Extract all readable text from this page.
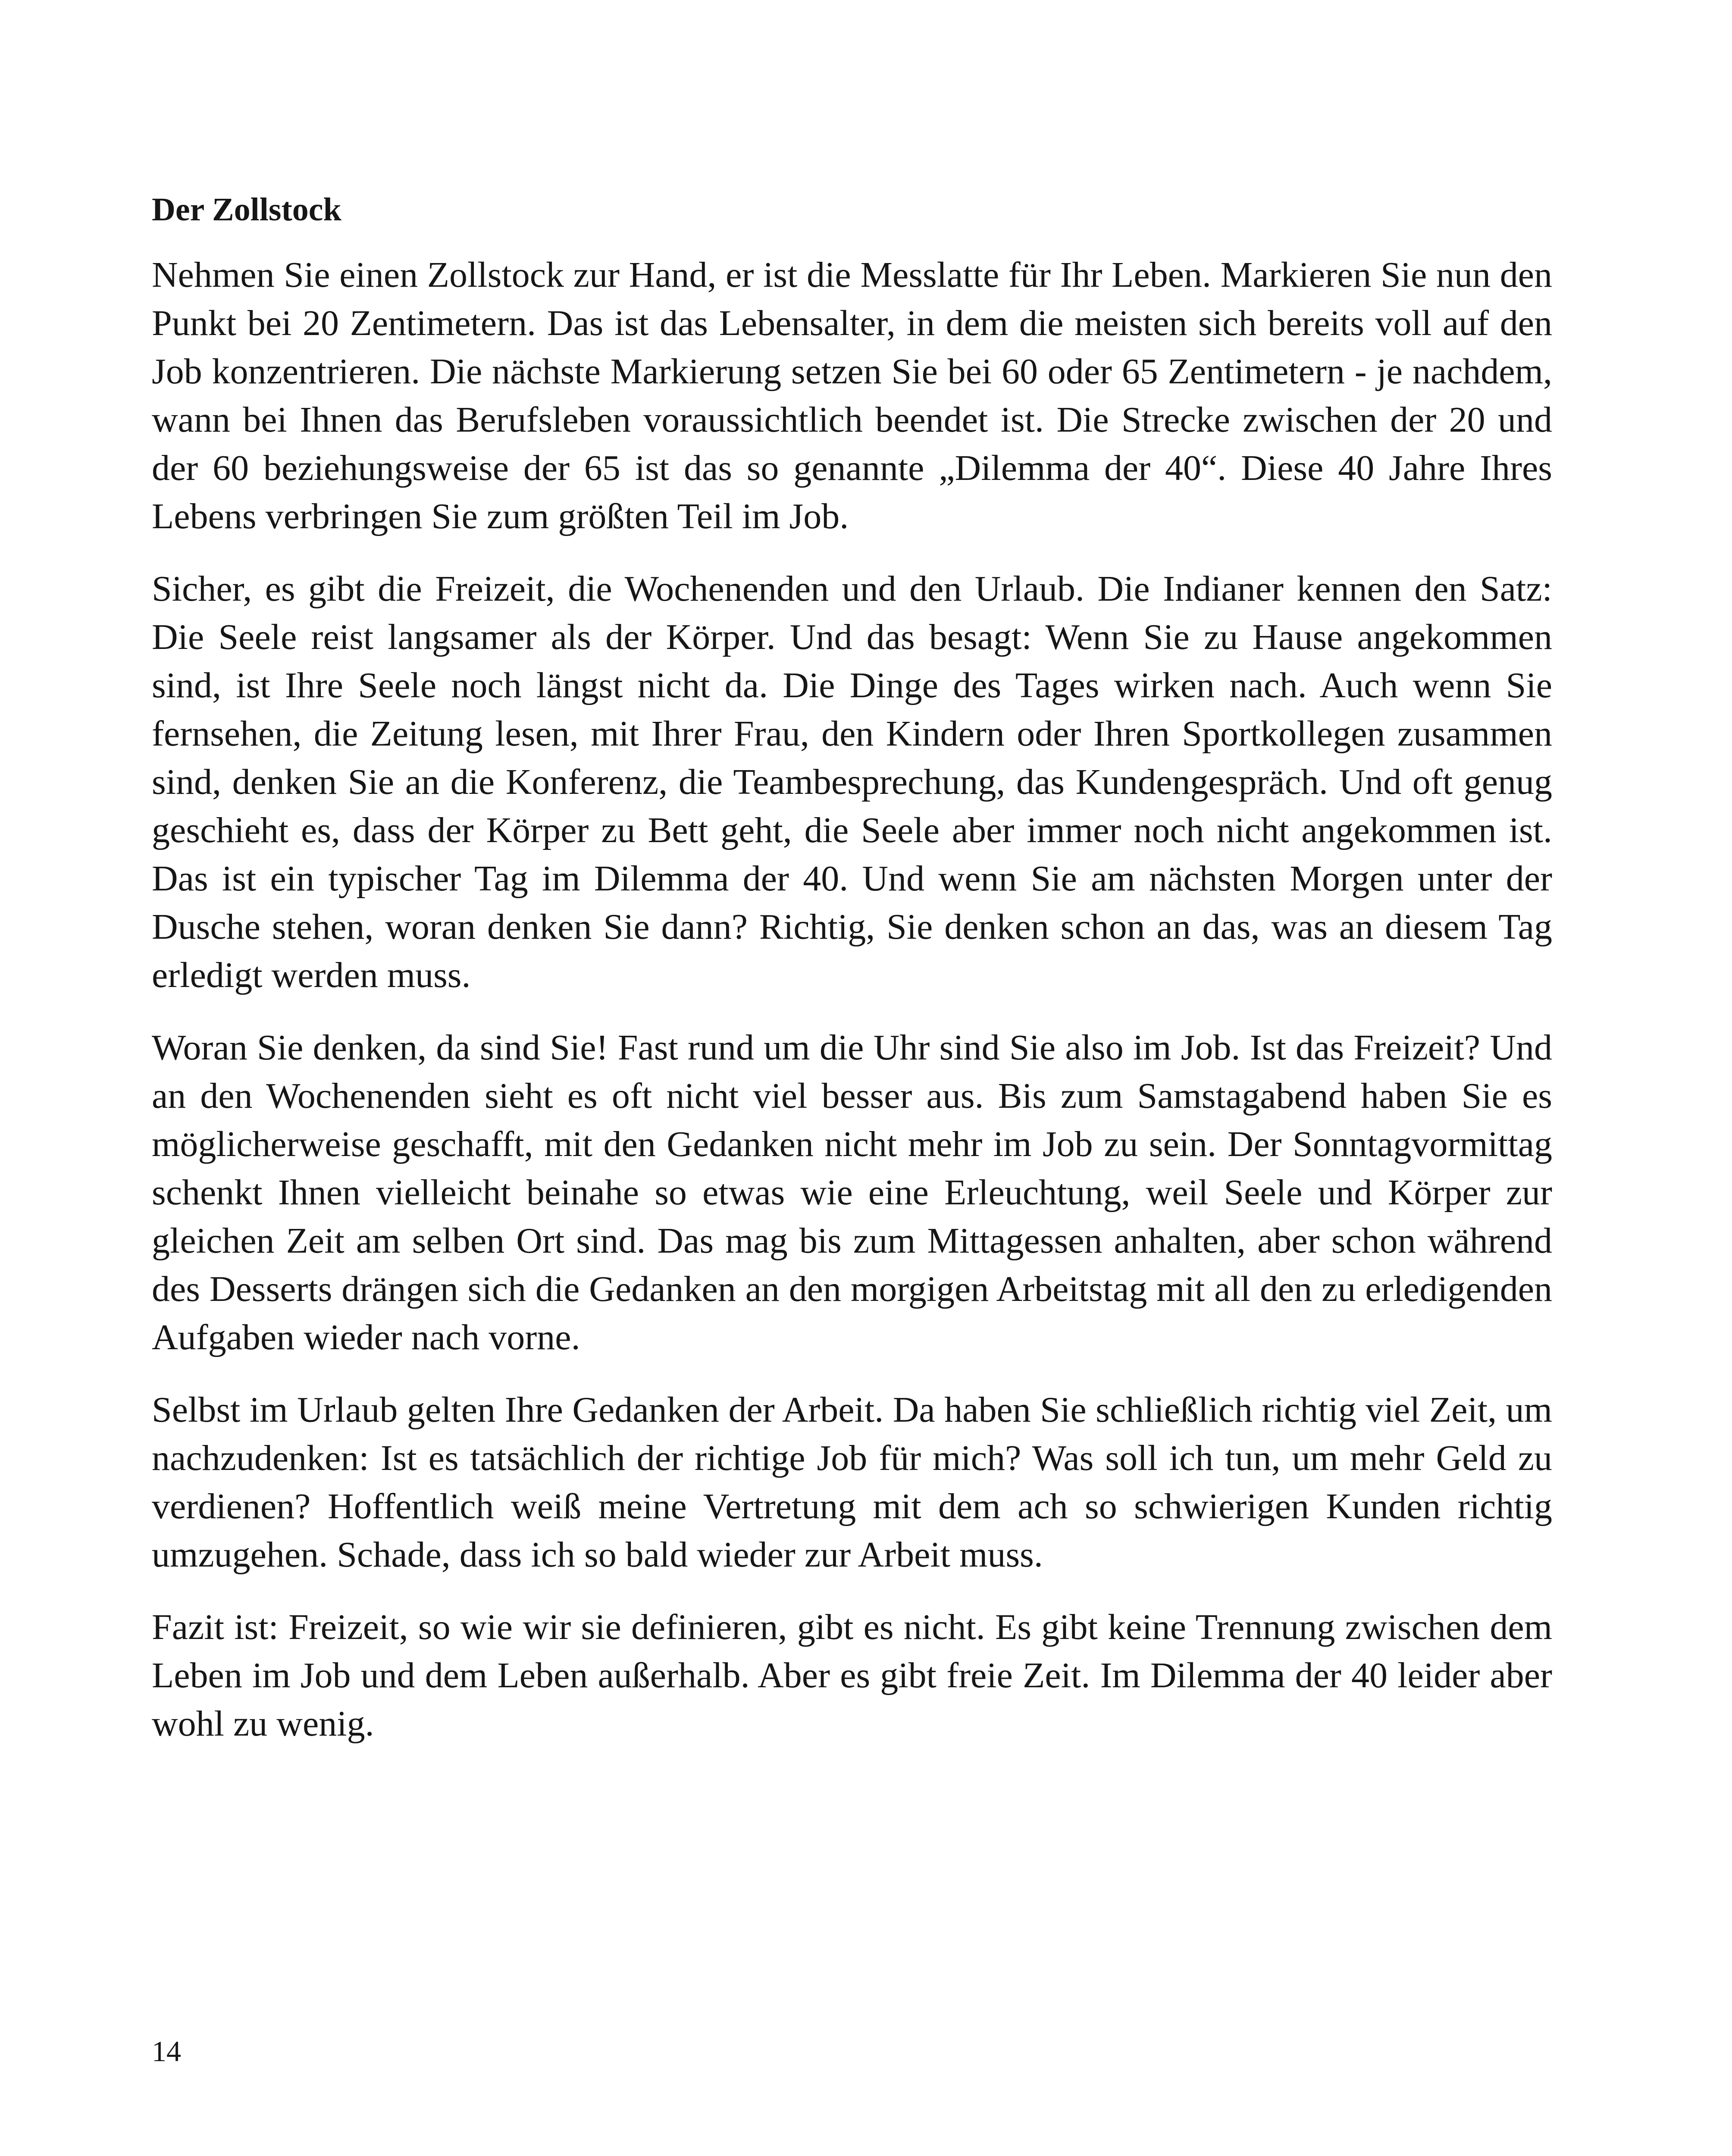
Der Zollstock

Nehmen Sie einen Zollstock zur Hand, er ist die Messlatte für Ihr Leben. Markieren Sie nun den Punkt bei 20 Zentimetern. Das ist das Lebensalter, in dem die meisten sich bereits voll auf den Job konzentrieren. Die nächste Markierung setzen Sie bei 60 oder 65 Zentimetern - je nachdem, wann bei Ihnen das Berufsleben voraussichtlich beendet ist. Die Strecke zwischen der 20 und der 60 beziehungsweise der 65 ist das so genannte „Dilemma der 40“. Diese 40 Jahre Ihres Lebens verbringen Sie zum größten Teil im Job.

Sicher, es gibt die Freizeit, die Wochenenden und den Urlaub. Die Indianer kennen den Satz: Die Seele reist langsamer als der Körper. Und das besagt: Wenn Sie zu Hause angekommen sind, ist Ihre Seele noch längst nicht da. Die Dinge des Tages wirken nach. Auch wenn Sie fernsehen, die Zeitung lesen, mit Ihrer Frau, den Kindern oder Ihren Sportkollegen zusammen sind, denken Sie an die Konferenz, die Teambesprechung, das Kundengespräch. Und oft genug geschieht es, dass der Körper zu Bett geht, die Seele aber immer noch nicht angekommen ist. Das ist ein typischer Tag im Dilemma der 40. Und wenn Sie am nächsten Morgen unter der Dusche stehen, woran denken Sie dann? Richtig, Sie denken schon an das, was an diesem Tag erledigt werden muss.

Woran Sie denken, da sind Sie! Fast rund um die Uhr sind Sie also im Job. Ist das Freizeit? Und an den Wochenenden sieht es oft nicht viel besser aus. Bis zum Samstagabend haben Sie es möglicherweise geschafft, mit den Gedanken nicht mehr im Job zu sein. Der Sonntagvormittag schenkt Ihnen vielleicht beinahe so etwas wie eine Erleuchtung, weil Seele und Körper zur gleichen Zeit am selben Ort sind. Das mag bis zum Mittagessen anhalten, aber schon während des Desserts drängen sich die Gedanken an den morgigen Arbeitstag mit all den zu erledigenden Aufgaben wieder nach vorne.

Selbst im Urlaub gelten Ihre Gedanken der Arbeit. Da haben Sie schließlich richtig viel Zeit, um nachzudenken: Ist es tatsächlich der richtige Job für mich? Was soll ich tun, um mehr Geld zu verdienen? Hoffentlich weiß meine Vertretung mit dem ach so schwierigen Kunden richtig umzugehen. Schade, dass ich so bald wieder zur Arbeit muss.

Fazit ist: Freizeit, so wie wir sie definieren, gibt es nicht. Es gibt keine Trennung zwischen dem Leben im Job und dem Leben außerhalb. Aber es gibt freie Zeit. Im Dilemma der 40 leider aber wohl zu wenig.

14
